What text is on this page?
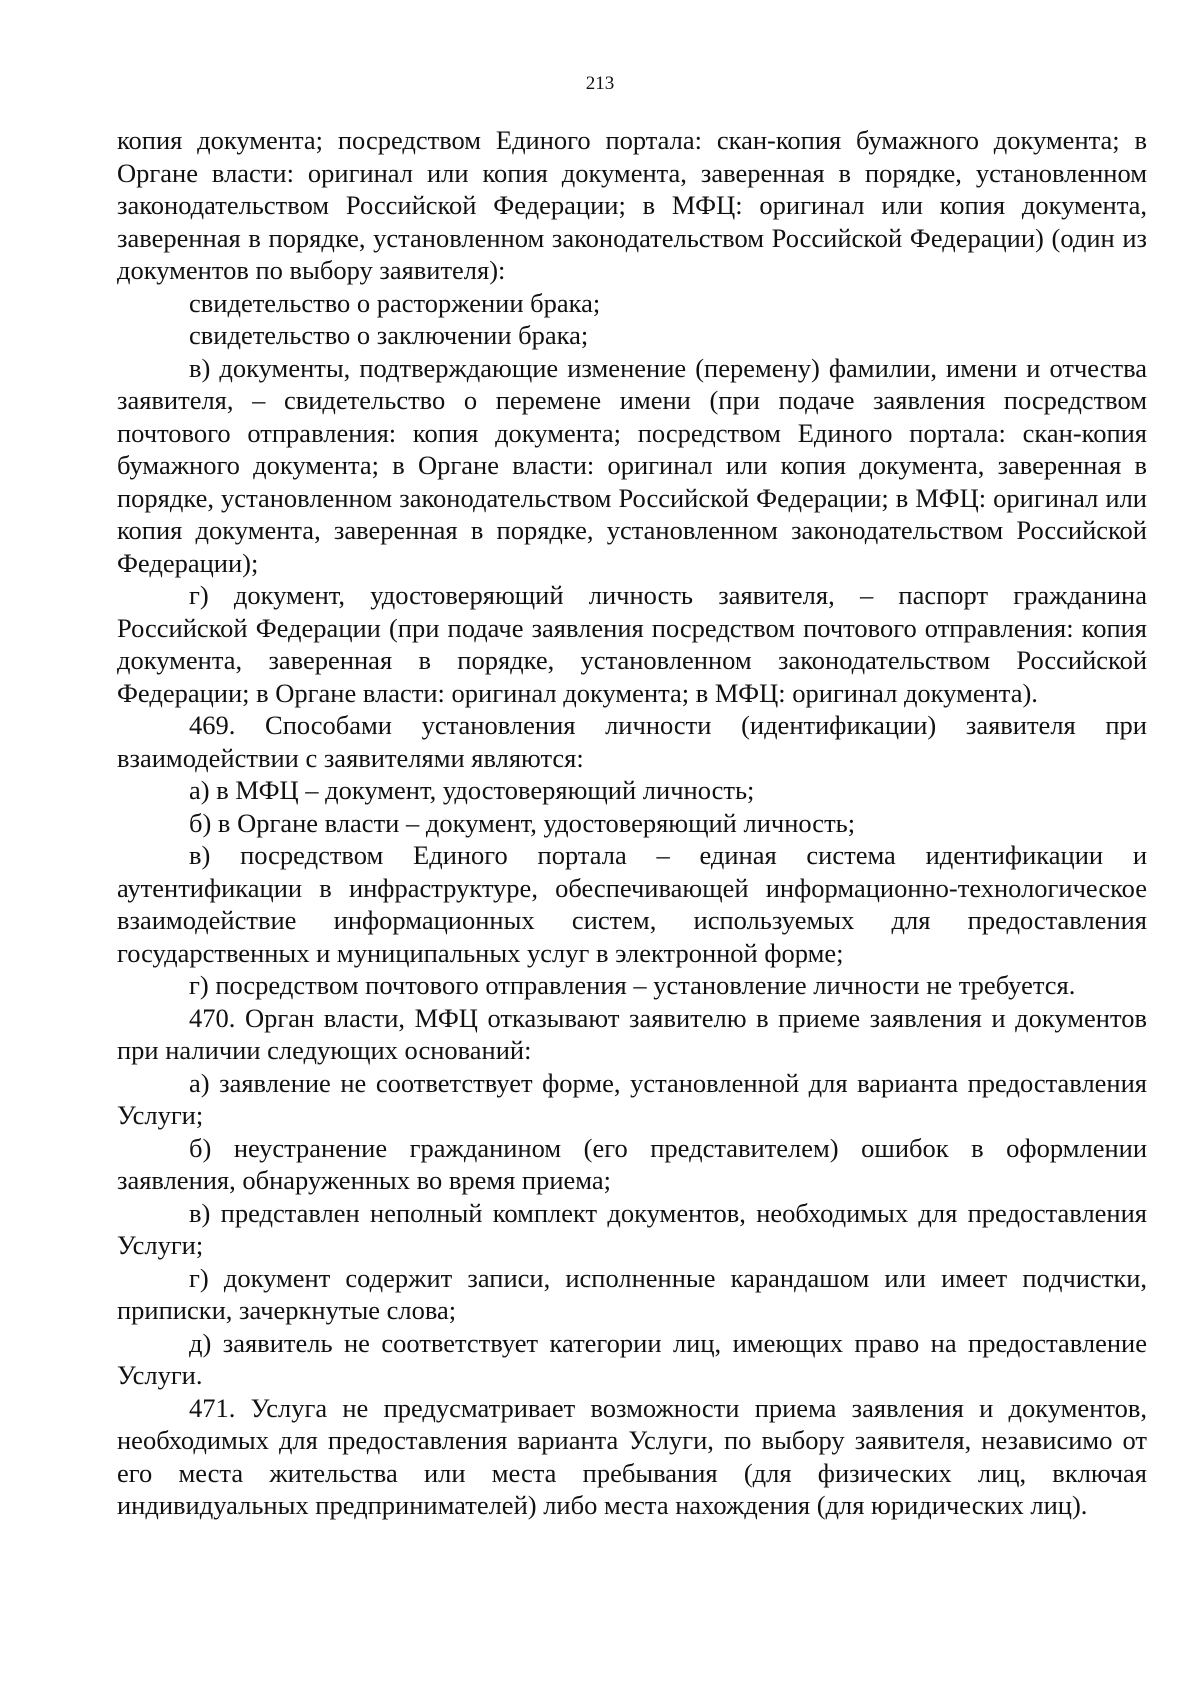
213

копия документа; посредством Единого портала: скан-копия бумажного документа; в Органе власти: оригинал или копия документа, заверенная в порядке, установленном законодательством Российской Федерации; в МФЦ: оригинал или копия документа, заверенная в порядке, установленном законодательством Российской Федерации) (один из документов по выбору заявителя):

свидетельство о расторжении брака;

свидетельство о заключении брака;

в) документы, подтверждающие изменение (перемену) фамилии, имени и отчества заявителя, – свидетельство о перемене имени (при подаче заявления посредством почтового отправления: копия документа; посредством Единого портала: скан-копия бумажного документа; в Органе власти: оригинал или копия документа, заверенная в порядке, установленном законодательством Российской Федерации; в МФЦ: оригинал или копия документа, заверенная в порядке, установленном законодательством Российской Федерации);

г) документ, удостоверяющий личность заявителя, – паспорт гражданина Российской Федерации (при подаче заявления посредством почтового отправления: копия документа, заверенная в порядке, установленном законодательством Российской Федерации; в Органе власти: оригинал документа; в МФЦ: оригинал документа).

469. Способами установления личности (идентификации) заявителя при взаимодействии с заявителями являются:

а) в МФЦ – документ, удостоверяющий личность;

б) в Органе власти – документ, удостоверяющий личность;

в) посредством Единого портала – единая система идентификации и аутентификации в инфраструктуре, обеспечивающей информационно-технологическое взаимодействие информационных систем, используемых для предоставления государственных и муниципальных услуг в электронной форме;

г) посредством почтового отправления – установление личности не требуется.

470. Орган власти, МФЦ отказывают заявителю в приеме заявления и документов при наличии следующих оснований:

а) заявление не соответствует форме, установленной для варианта предоставления Услуги;

б) неустранение гражданином (его представителем) ошибок в оформлении заявления, обнаруженных во время приема;

в) представлен неполный комплект документов, необходимых для предоставления Услуги;

г) документ содержит записи, исполненные карандашом или имеет подчистки, приписки, зачеркнутые слова;

д) заявитель не соответствует категории лиц, имеющих право на предоставление Услуги.

471. Услуга не предусматривает возможности приема заявления и документов, необходимых для предоставления варианта Услуги, по выбору заявителя, независимо от его места жительства или места пребывания (для физических лиц, включая индивидуальных предпринимателей) либо места нахождения (для юридических лиц).
